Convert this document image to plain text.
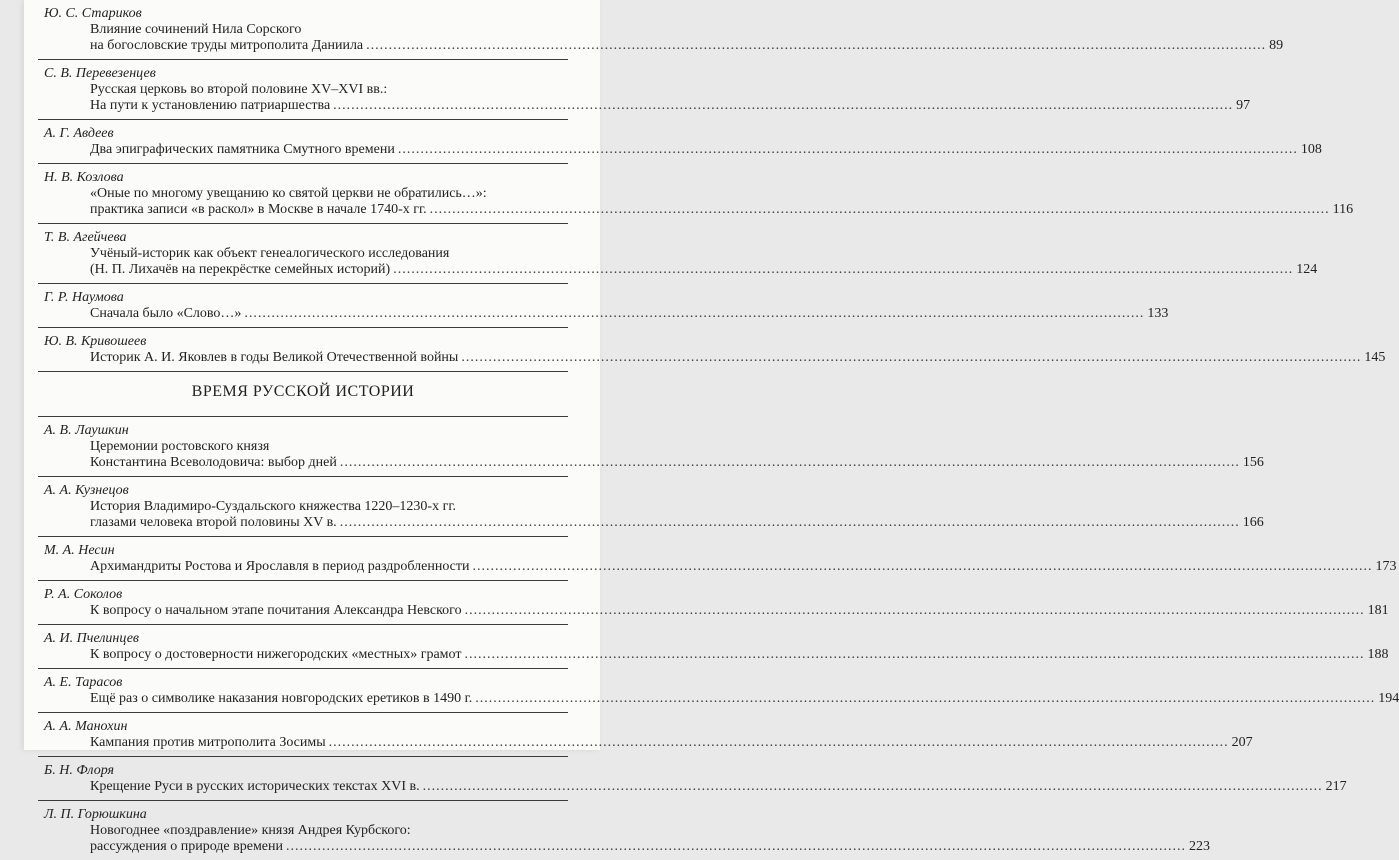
Ю. С. Стариков
Влияние сочинений Нила Сорского
на богословские труды митрополита Даниила ........................................................................................................................................................................................................ 89
С. В. Перевезенцев
Русская церковь во второй половине XV–XVI вв.:
На пути к установлению патриаршества ........................................................................................................................................................................................................ 97
А. Г. Авдеев
Два эпиграфических памятника Смутного времени ........................................................................................................................................................................................................ 108
Н. В. Козлова
«Оные по многому увещанию ко святой церкви не обратились…»:
практика записи «в раскол» в Москве в начале 1740-х гг. ........................................................................................................................................................................................................ 116
Т. В. Агейчева
Учёный-историк как объект генеалогического исследования
(Н. П. Лихачёв на перекрёстке семейных историй) ........................................................................................................................................................................................................ 124
Г. Р. Наумова
Сначала было «Слово…» ........................................................................................................................................................................................................ 133
Ю. В. Кривошеев
Историк А. И. Яковлев в годы Великой Отечественной войны ........................................................................................................................................................................................................ 145
ВРЕМЯ РУССКОЙ ИСТОРИИ
А. В. Лаушкин
Церемонии ростовского князя
Константина Всеволодовича: выбор дней ........................................................................................................................................................................................................ 156
А. А. Кузнецов
История Владимиро-Суздальского княжества 1220–1230-х гг.
глазами человека второй половины XV в. ........................................................................................................................................................................................................ 166
М. А. Несин
Архимандриты Ростова и Ярославля в период раздробленности ........................................................................................................................................................................................................ 173
Р. А. Соколов
К вопросу о начальном этапе почитания Александра Невского ........................................................................................................................................................................................................ 181
А. И. Пчелинцев
К вопросу о достоверности нижегородских «местных» грамот ........................................................................................................................................................................................................ 188
А. Е. Тарасов
Ещё раз о символике наказания новгородских еретиков в 1490 г. ........................................................................................................................................................................................................ 194
А. А. Манохин
Кампания против митрополита Зосимы ........................................................................................................................................................................................................ 207
Б. Н. Флоря
Крещение Руси в русских исторических текстах XVI в. ........................................................................................................................................................................................................ 217
Л. П. Горюшкина
Новогоднее «поздравление» князя Андрея Курбского:
рассуждения о природе времени ........................................................................................................................................................................................................ 223
